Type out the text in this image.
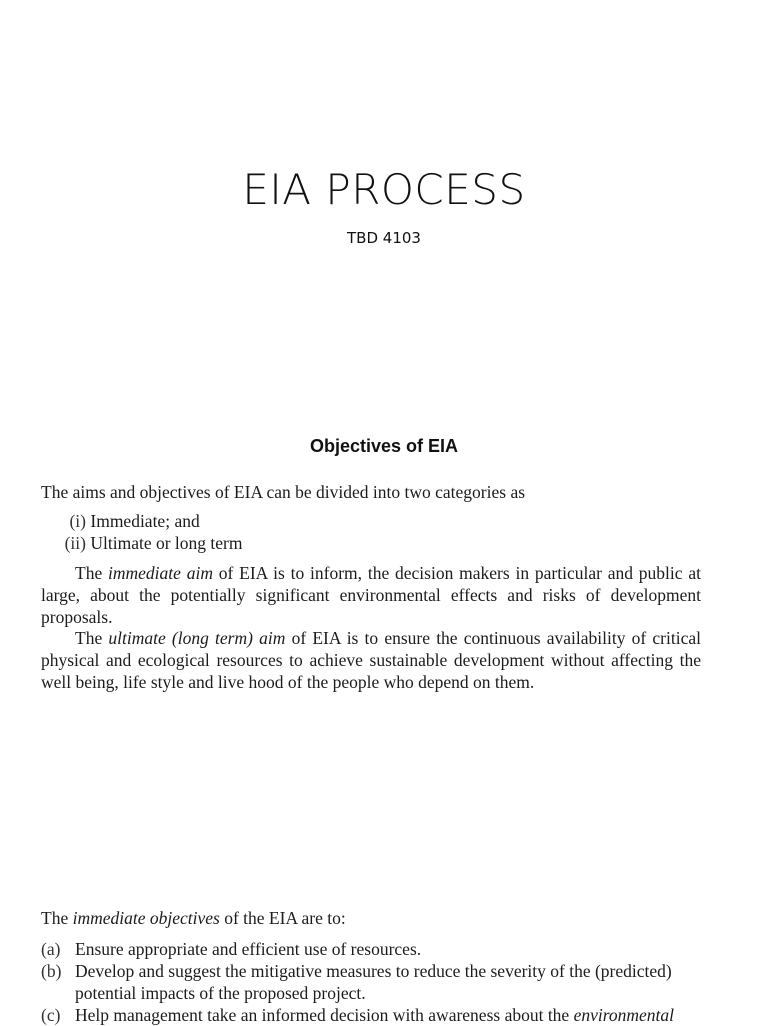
EIA PROCESS

TBD 4103

Objectives of EIA

The aims and objectives of EIA can be divided into two categories as

(i) Immediate; and
(ii) Ultimate or long term

The immediate aim of EIA is to inform, the decision makers in particular and public at large, about the potentially significant environmental effects and risks of development proposals.

The ultimate (long term) aim of EIA is to ensure the continuous availability of critical physical and ecological resources to achieve sustainable development without affecting the well being, life style and live hood of the people who depend on them.

The immediate objectives of the EIA are to:

(a) Ensure appropriate and efficient use of resources.
(b) Develop and suggest the mitigative measures to reduce the severity of the (predicted) potential impacts of the proposed project.
(c) Help management take an informed decision with awareness about the environmental
